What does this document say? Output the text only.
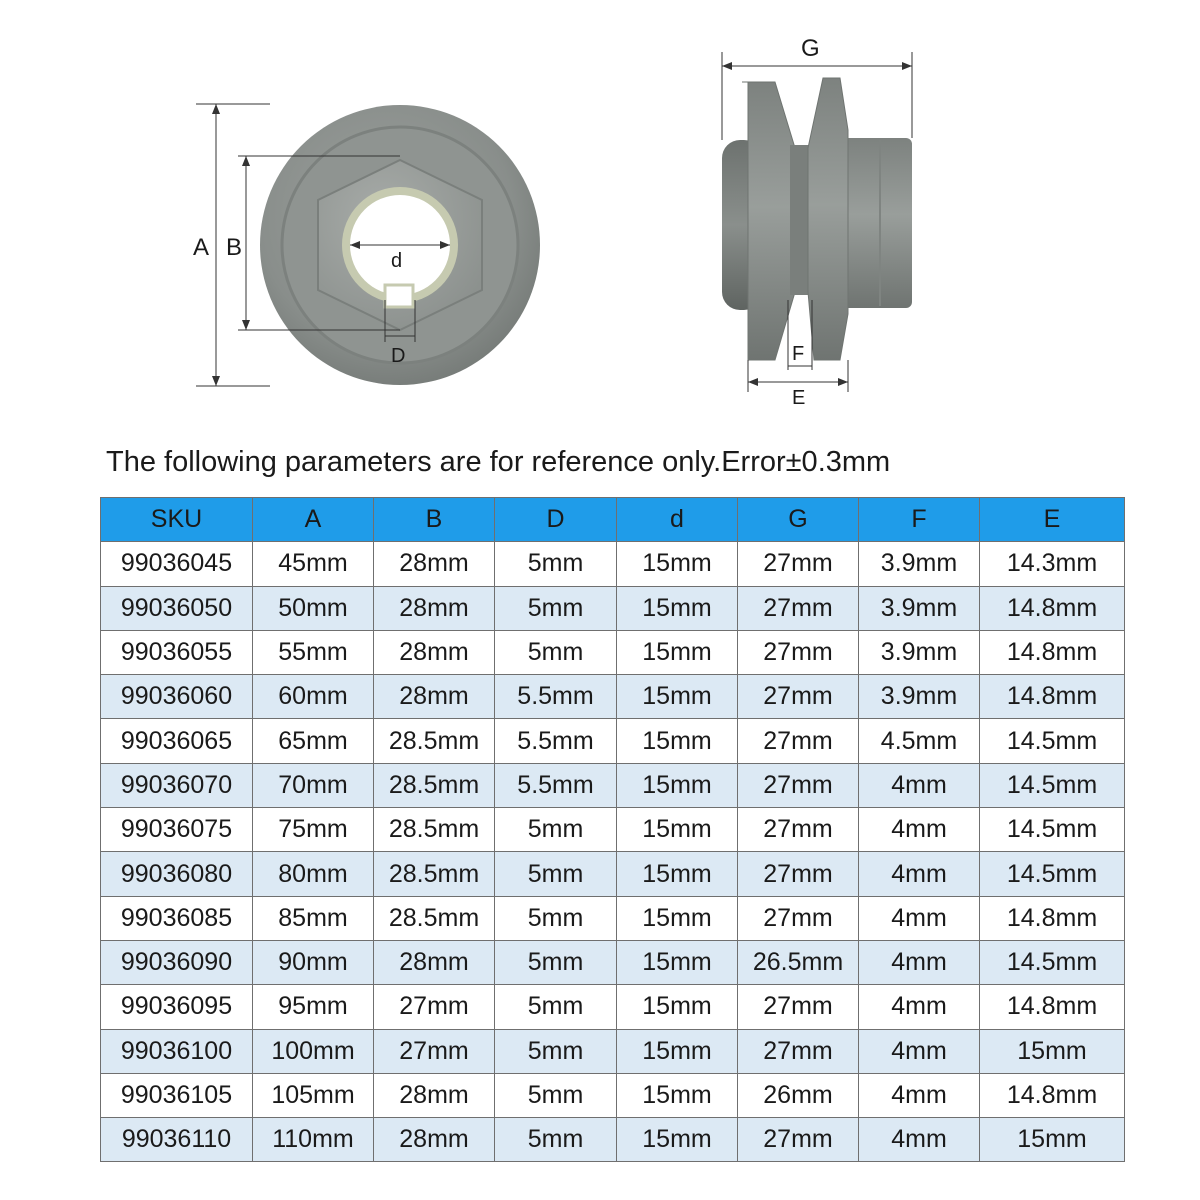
A B	d
D
G
F
E
The following parameters are for reference only.Error±0.3mm
SKU	A	B	D	d	G	F	E
99036045	45mm	28mm	5mm	15mm	27mm	3.9mm	14.3mm
99036050	50mm	28mm	5mm	15mm	27mm	3.9mm	14.8mm
99036055	55mm	28mm	5mm	15mm	27mm	3.9mm	14.8mm
99036060	60mm	28mm	5.5mm	15mm	27mm	3.9mm	14.8mm
99036065	65mm	28.5mm	5.5mm	15mm	27mm	4.5mm	14.5mm
99036070	70mm	28.5mm	5.5mm	15mm	27mm	4mm	14.5mm
99036075	75mm	28.5mm	5mm	15mm	27mm	4mm	14.5mm
99036080	80mm	28.5mm	5mm	15mm	27mm	4mm	14.5mm
99036085	85mm	28.5mm	5mm	15mm	27mm	4mm	14.8mm
99036090	90mm	28mm	5mm	15mm	26.5mm	4mm	14.5mm
99036095	95mm	27mm	5mm	15mm	27mm	4mm	14.8mm
99036100	100mm	27mm	5mm	15mm	27mm	4mm	15mm
99036105	105mm	28mm	5mm	15mm	26mm	4mm	14.8mm
99036110	110mm	28mm	5mm	15mm	27mm	4mm	15mm
